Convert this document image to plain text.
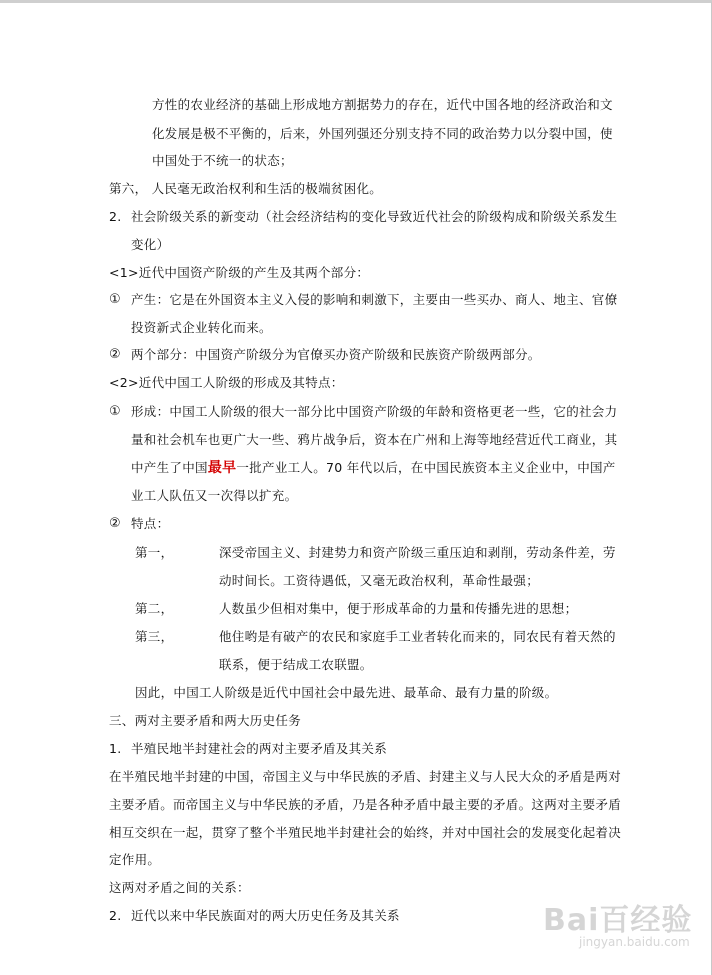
方性的农业经济的基础上形成地方割据势力的存在，近代中国各地的经济政治和文
化发展是极不平衡的，后来，外国列强还分别支持不同的政治势力以分裂中国，使
中国处于不统一的状态；
第六， 人民毫无政治权利和生活的极端贫困化。
2. 社会阶级关系的新变动（社会经济结构的变化导致近代社会的阶级构成和阶级关系发生
变化）
<1>近代中国资产阶级的产生及其两个部分：
① 产生：它是在外国资本主义入侵的影响和刺激下，主要由一些买办、商人、地主、官僚
投资新式企业转化而来。
② 两个部分：中国资产阶级分为官僚买办资产阶级和民族资产阶级两部分。
<2>近代中国工人阶级的形成及其特点：
① 形成：中国工人阶级的很大一部分比中国资产阶级的年龄和资格更老一些，它的社会力
量和社会机车也更广大一些、鸦片战争后，资本在广州和上海等地经营近代工商业，其
中产生了中国最早一批产业工人。70 年代以后，在中国民族资本主义企业中，中国产
业工人队伍又一次得以扩充。
② 特点：
第一，	深受帝国主义、封建势力和资产阶级三重压迫和剥削，劳动条件差，劳
动时间长。工资待遇低，又毫无政治权利，革命性最强；
第二，	人数虽少但相对集中，便于形成革命的力量和传播先进的思想；
第三，	他住哟是有破产的农民和家庭手工业者转化而来的，同农民有着天然的
联系，便于结成工农联盟。
因此，中国工人阶级是近代中国社会中最先进、最革命、最有力量的阶级。
三、两对主要矛盾和两大历史任务
1. 半殖民地半封建社会的两对主要矛盾及其关系
在半殖民地半封建的中国，帝国主义与中华民族的矛盾、封建主义与人民大众的矛盾是两对
主要矛盾。而帝国主义与中华民族的矛盾，乃是各种矛盾中最主要的矛盾。这两对主要矛盾
相互交织在一起，贯穿了整个半殖民地半封建社会的始终，并对中国社会的发展变化起着决
定作用。
这两对矛盾之间的关系：
2. 近代以来中华民族面对的两大历史任务及其关系	Bai百经验
jingyan.baidu.com
